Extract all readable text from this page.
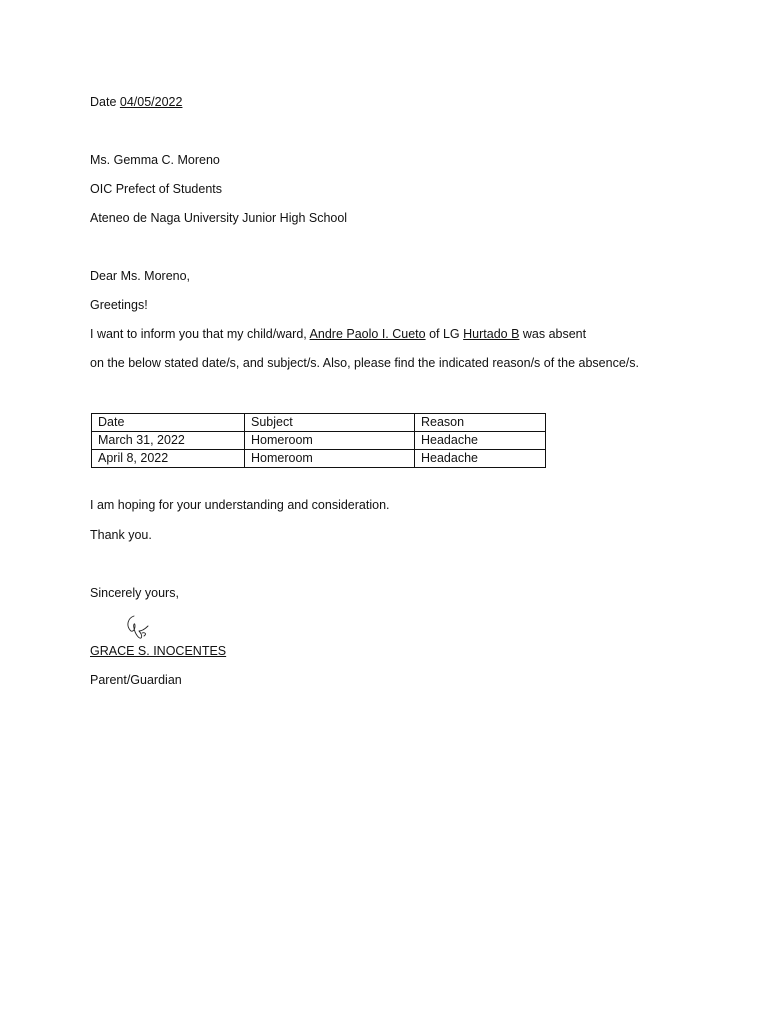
Date 04/05/2022
Ms. Gemma C. Moreno
OIC Prefect of Students
Ateneo de Naga University Junior High School
Dear Ms. Moreno,
Greetings!
I want to inform you that my child/ward, Andre Paolo I. Cueto of LG Hurtado B was absent
on the below stated date/s, and subject/s. Also, please find the indicated reason/s of the absence/s.
Date	Subject	Reason
March 31, 2022	Homeroom	Headache
April 8, 2022	Homeroom	Headache
I am hoping for your understanding and consideration.
Thank you.
Sincerely yours,
GRACE S. INOCENTES
Parent/Guardian
